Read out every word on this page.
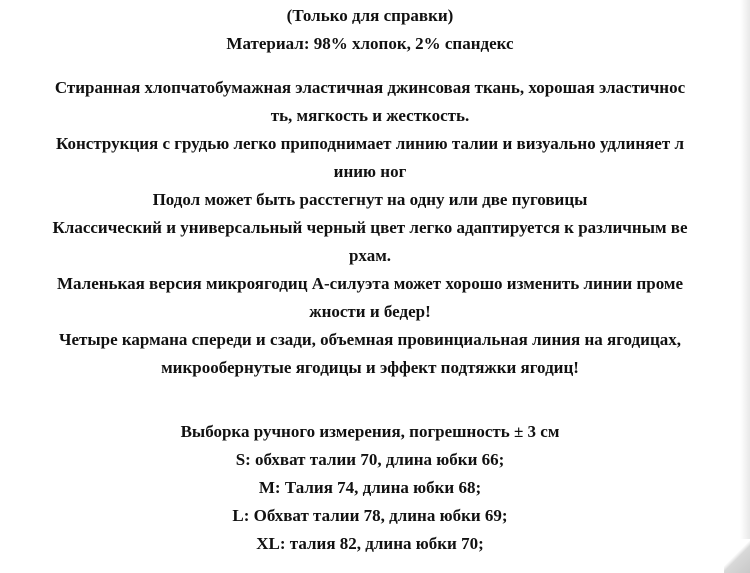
(Только для справки)
Материал: 98% хлопок, 2% спандекс
Стиранная хлопчатобумажная эластичная джинсовая ткань, хорошая эластичнос
ть, мягкость и жесткость.
Конструкция с грудью легко приподнимает линию талии и визуально удлиняет л
инию ног
Подол может быть расстегнут на одну или две пуговицы
Классический и универсальный черный цвет легко адаптируется к различным ве
рхам.
Маленькая версия микроягодиц A-силуэта может хорошо изменить линии проме
жности и бедер!
Четыре кармана спереди и сзади, объемная провинциальная линия на ягодицах,
микрообернутые ягодицы и эффект подтяжки ягодиц!
Выборка ручного измерения, погрешность ± 3 см
S: обхват талии 70, длина юбки 66;
M: Талия 74, длина юбки 68;
L: Обхват талии 78, длина юбки 69;
XL: талия 82, длина юбки 70;
